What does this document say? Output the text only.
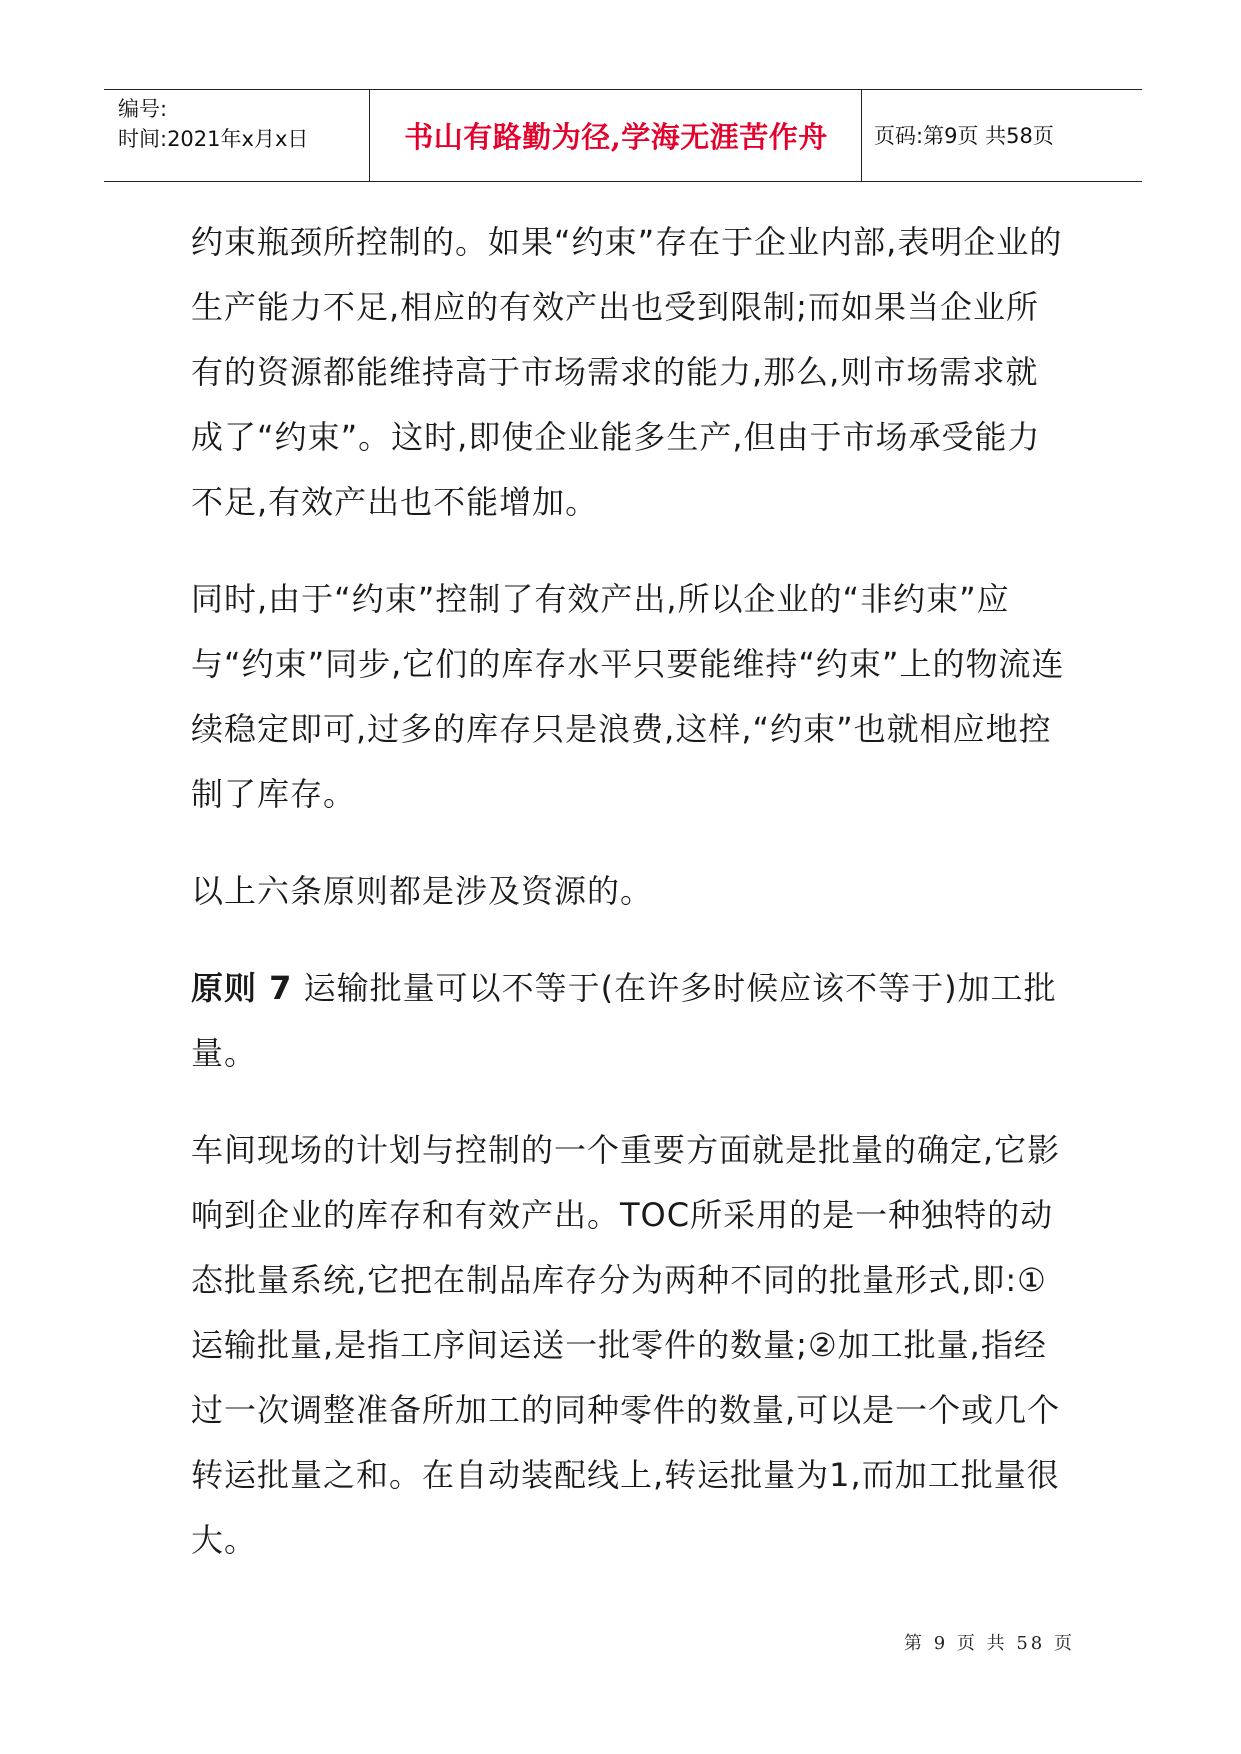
编号:
时间:2021年x月x日	书山有路勤为径,学海无涯苦作舟	页码:第9页 共58页

约束瓶颈所控制的。如果“约束”存在于企业内部,表明企业的生产能力不足,相应的有效产出也受到限制;而如果当企业所有的资源都能维持高于市场需求的能力,那么,则市场需求就成了“约束”。这时,即使企业能多生产,但由于市场承受能力不足,有效产出也不能增加。

同时,由于“约束”控制了有效产出,所以企业的“非约束”应与“约束”同步,它们的库存水平只要能维持“约束”上的物流连续稳定即可,过多的库存只是浪费,这样,“约束”也就相应地控制了库存。

以上六条原则都是涉及资源的。

原则 7 运输批量可以不等于(在许多时候应该不等于)加工批量。

车间现场的计划与控制的一个重要方面就是批量的确定,它影响到企业的库存和有效产出。TOC所采用的是一种独特的动态批量系统,它把在制品库存分为两种不同的批量形式,即:①运输批量,是指工序间运送一批零件的数量;②加工批量,指经过一次调整准备所加工的同种零件的数量,可以是一个或几个转运批量之和。在自动装配线上,转运批量为1,而加工批量很大。

第 9 页 共 58 页
